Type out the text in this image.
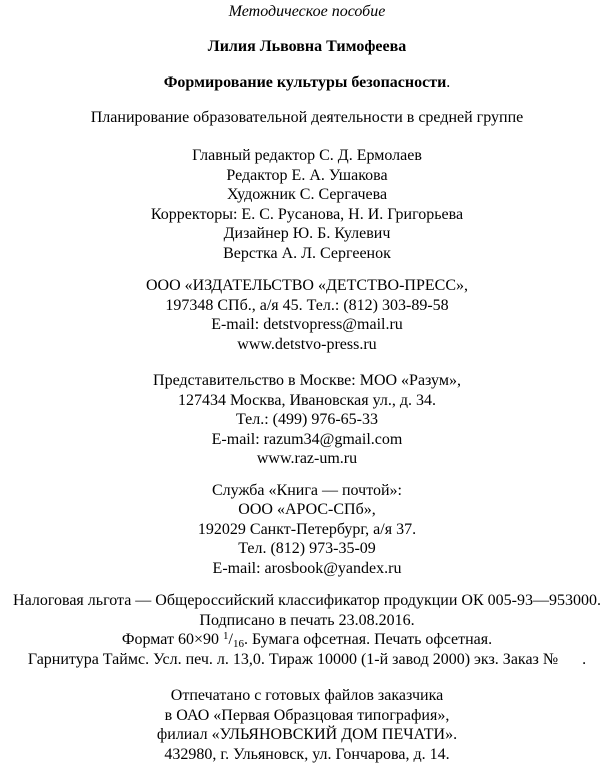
Методическое пособие
Лилия Львовна Тимофеева
Формирование культуры безопасности.
Планирование образовательной деятельности в средней группе
Главный редактор С. Д. Ермолаев
Редактор Е. А. Ушакова
Художник С. Сергачева
Корректоры: Е. С. Русанова, Н. И. Григорьева
Дизайнер Ю. Б. Кулевич
Верстка А. Л. Сергеенок
ООО «ИЗДАТЕЛЬСТВО «ДЕТСТВО-ПРЕСС»,
197348 СПб., а/я 45. Тел.: (812) 303-89-58
E-mail: detstvopress@mail.ru
www.detstvo-press.ru
Представительство в Москве: МОО «Разум»,
127434 Москва, Ивановская ул., д. 34.
Тел.: (499) 976-65-33
E-mail: razum34@gmail.com
www.raz-um.ru
Служба «Книга — почтой»:
ООО «АРОС-СПб»,
192029 Санкт-Петербург, а/я 37.
Тел. (812) 973-35-09
E-mail: arosbook@yandex.ru
Налоговая льгота — Общероссийский классификатор продукции ОК 005-93—953000.
Подписано в печать 23.08.2016.
Формат 60×90 $^1/_{16}$. Бумага офсетная. Печать офсетная.
Гарнитура Таймс. Усл. печ. л. 13,0. Тираж 10000 (1-й завод 2000) экз. Заказ №      .
Отпечатано с готовых файлов заказчика
в ОАО «Первая Образцовая типография»,
филиал «УЛЬЯНОВСКИЙ ДОМ ПЕЧАТИ».
432980, г. Ульяновск, ул. Гончарова, д. 14.
